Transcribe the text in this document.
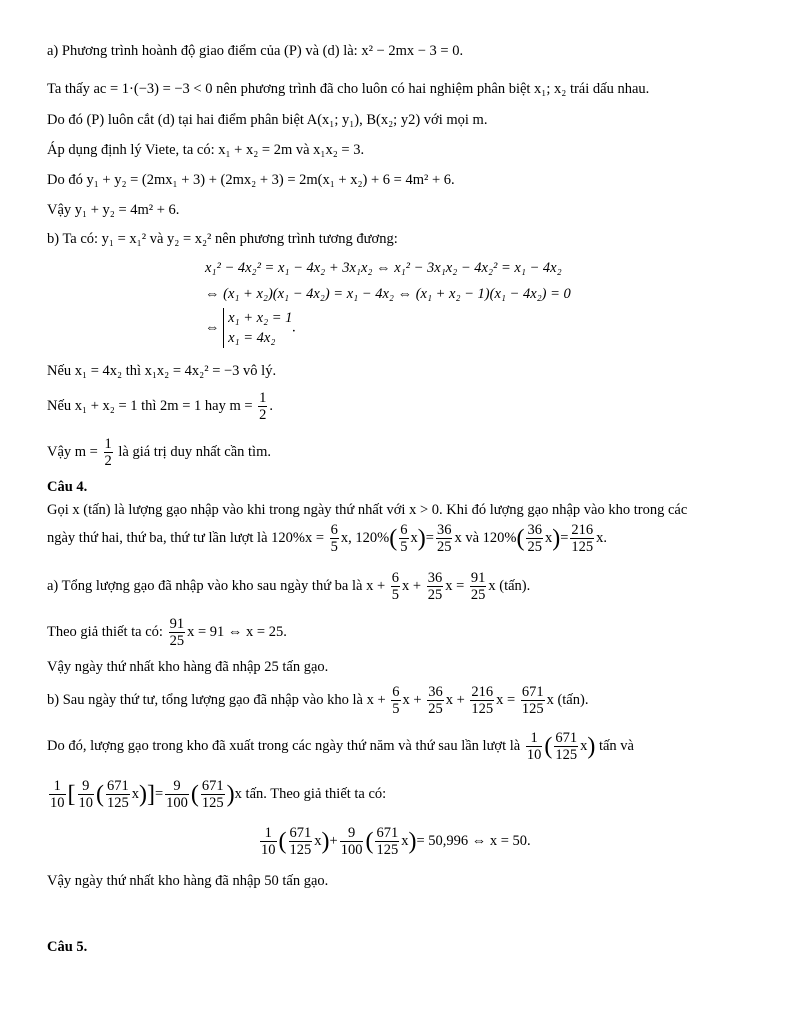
a) Phương trình hoành độ giao điểm của (P) và (d) là: x² − 2mx − 3 = 0.
Ta thấy ac = 1·(−3) = −3 < 0 nên phương trình đã cho luôn có hai nghiệm phân biệt x₁; x₂ trái dấu nhau.
Do đó (P) luôn cắt (d) tại hai điểm phân biệt A(x₁; y₁), B(x₂; y2) với mọi m.
Áp dụng định lý Viete, ta có: x₁ + x₂ = 2m và x₁x₂ = 3.
Do đó y₁ + y₂ = (2mx₁ + 3) + (2mx₂ + 3) = 2m(x₁ + x₂) + 6 = 4m² + 6.
Vậy y₁ + y₂ = 4m² + 6.
b) Ta có: y₁ = x₁² và y₂ = x₂² nên phương trình tương đương:
x₁² − 4x₂² = x₁ − 4x₂ + 3x₁x₂ ⇔ x₁² − 3x₁x₂ − 4x₂² = x₁ − 4x₂
⇔ (x₁ + x₂)(x₁ − 4x₂) = x₁ − 4x₂ ⇔ (x₁ + x₂ − 1)(x₁ − 4x₂) = 0
⇔
x₁ + x₂ = 1
x₁ = 4x₂
.
Nếu x₁ = 4x₂ thì x₁x₂ = 4x₂² = −3 vô lý.
Nếu x₁ + x₂ = 1 thì 2m = 1 hay $m = \frac{1}{2}$ .
Vậy $m = \frac{1}{2}$ là giá trị duy nhất cần tìm.
Câu 4.
Gọi x (tấn) là lượng gạo nhập vào khi trong ngày thứ nhất với x > 0. Khi đó lượng gạo nhập vào kho trong các
ngày thứ hai, thứ ba, thứ tư lần lượt là $120\%x = \frac{6}{5} x$, $120\%( \frac{6}{5} x)= \frac{36}{25}$ x và $120\%( \frac{36}{25} x)= \frac{216}{125} x$.
a) Tổng lượng gạo đã nhập vào kho sau ngày thứ ba là $x + \frac{6}{5}$ $x + \frac{36}{25}$ $x = \frac{91}{25}$ x (tấn).
Theo giả thiết ta có: $\frac{91}{25}$ x = 91 ⇔ x = 25.
Vậy ngày thứ nhất kho hàng đã nhập 25 tấn gạo.
b) Sau ngày thứ tư, tổng lượng gạo đã nhập vào kho là $x + \frac{6}{5}$ $x + \frac{36}{25}$ $x + \frac{216}{125}$ $x = \frac{671}{125}$ x (tấn).
Do đó, lượng gạo trong kho đã xuất trong các ngày thứ năm và thứ sau lần lượt là $\frac{1}{10}$ ( $\frac{671}{125} x$) tấn và
$\frac{1}{10}$ [ $\frac{9}{10}$ ( $\frac{671}{125} x)]= \frac{9}{100}$ ( $\frac{671}{125} )x$ tấn. Theo giả thiết ta có:
$\frac{1}{10}$ ( $\frac{671}{125} x)+ \frac{9}{100}$ ( $\frac{671}{125} x)= 50,996$ ⇔ x = 50.
Vậy ngày thứ nhất kho hàng đã nhập 50 tấn gạo.
Câu 5.
